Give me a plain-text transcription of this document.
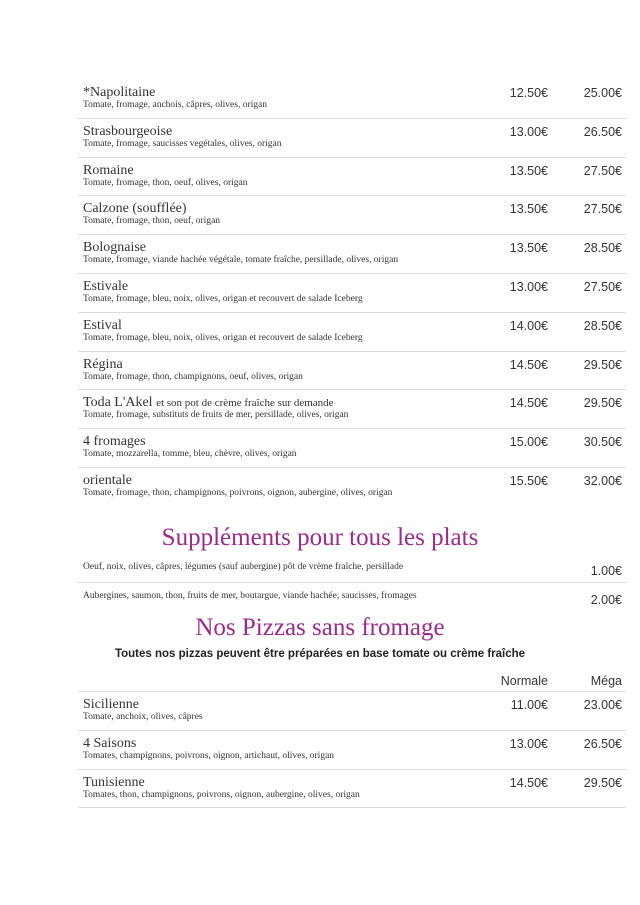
*Napolitaine
Tomate, fromage, anchois, câpres, olives, origan
12.50€	25.00€
Strasbourgeoise
Tomate, fromage, saucisses vegétales, olives, origan
13.00€	26.50€
Romaine
Tomate, fromage, thon, oeuf, olives, origan
13.50€	27.50€
Calzone (soufflée)
Tomate, fromage, thon, oeuf, origan
13.50€	27.50€
Bolognaise
Tomate, fromage, viande hachée végétale, tomate fraîche, persillade, olives, origan
13.50€	28.50€
Estivale
Tomate, fromage, bleu, noix, olives, origan et recouvert de salade Iceberg
13.00€	27.50€
Estival
Tomate, fromage, bleu, noix, olives, origan et recouvert de salade Iceberg
14.00€	28.50€
Régina
Tomate, fromage, thon, champignons, oeuf, olives, origan
14.50€	29.50€
Toda L'Akel et son pot de crème fraîche sur demande
Tomate, fromage, substituts de fruits de mer, persillade, olives, origan
14.50€	29.50€
4 fromages
Tomate, mozzarella, tomme, bleu, chèvre, olives, origan
15.00€	30.50€
orientale
Tomate, fromage, thon, champignons, poivrons, oignon, aubergine, olives, origan
15.50€	32.00€
Suppléments pour tous les plats
Oeuf, noix, olives, câpres, légumes (sauf aubergine) pôt de vrème fraîche, persillade	1.00€
Aubergines, saumon, thon, fruits de mer, boutargue, viande hachée, saucisses, fromages	2.00€
Nos Pizzas sans fromage
Toutes nos pizzas peuvent être préparées en base tomate ou crème fraîche
Normale	Méga
Sicilienne
Tomate, anchoix, olives, câpres
11.00€	23.00€
4 Saisons
Tomates, champignons, poivrons, oignon, artichaut, olives, origan
13.00€	26.50€
Tunisienne
Tomates, thon, champignons, poivrons, oignon, aubergine, olives, origan
14.50€	29.50€
